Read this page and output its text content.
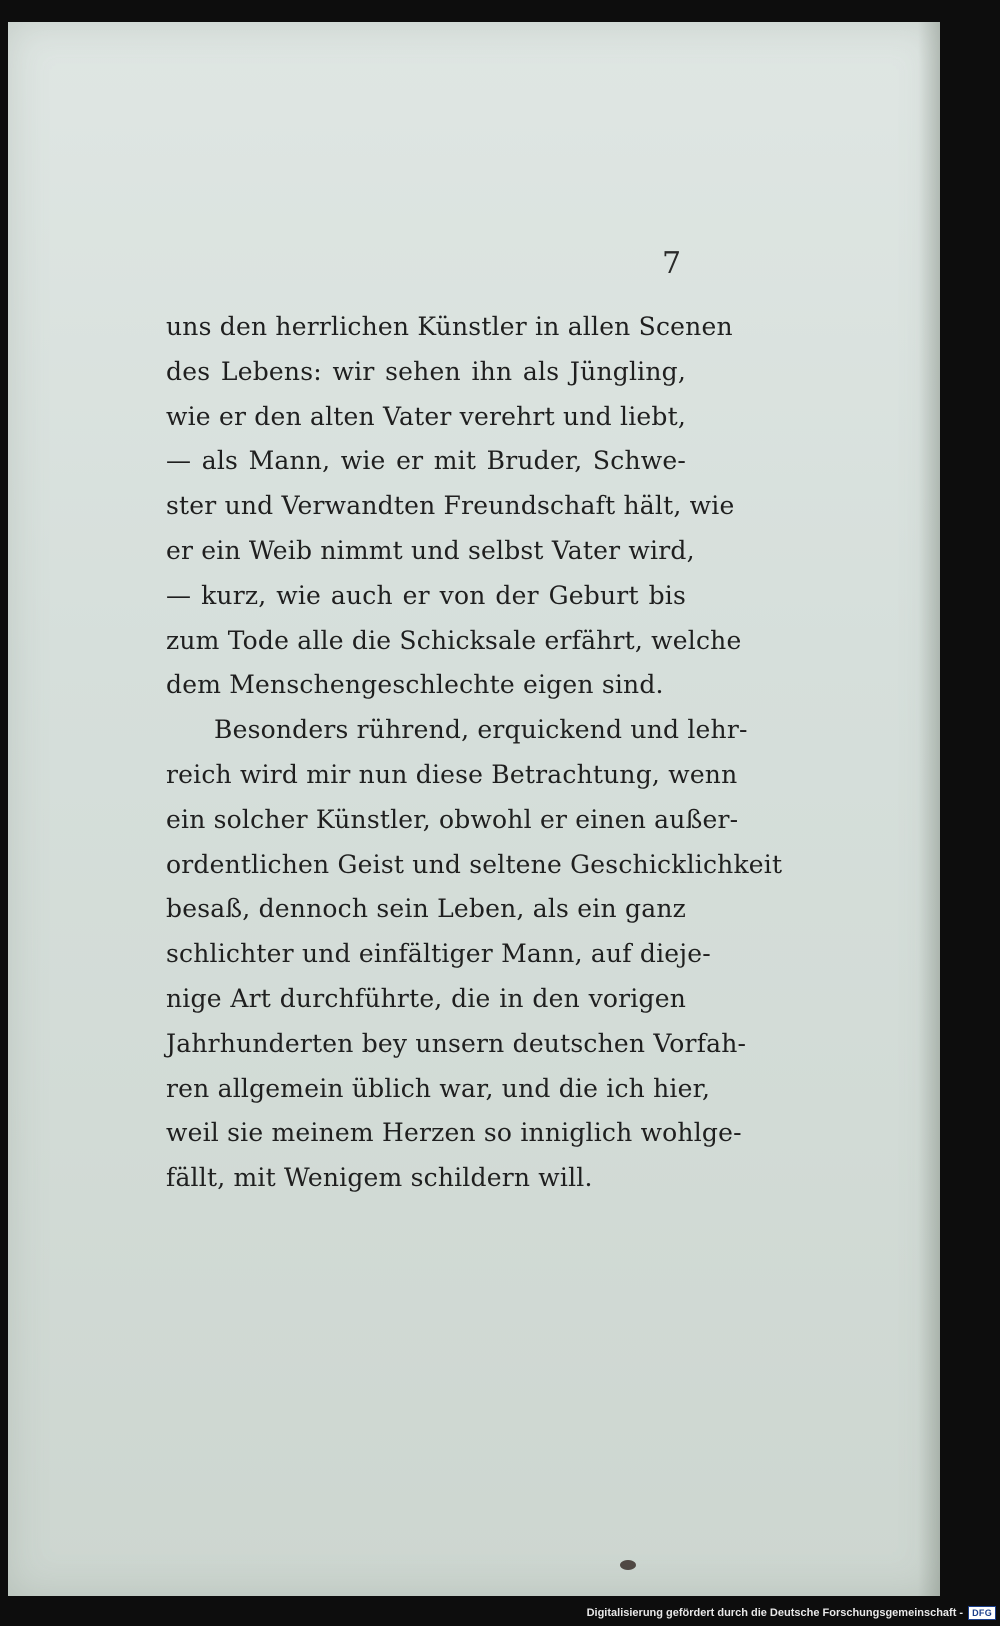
7
uns den herrlichen Künstler in allen Scenen
des Lebens: wir sehen ihn als Jüngling,
wie er den alten Vater verehrt und liebt,
— als Mann, wie er mit Bruder, Schwe-
ster und Verwandten Freundschaft hält, wie
er ein Weib nimmt und selbst Vater wird,
— kurz, wie auch er von der Geburt bis
zum Tode alle die Schicksale erfährt, welche
dem Menschengeschlechte eigen sind.
Besonders rührend, erquickend und lehr-
reich wird mir nun diese Betrachtung, wenn
ein solcher Künstler, obwohl er einen außer-
ordentlichen Geist und seltene Geschicklichkeit
besaß, dennoch sein Leben, als ein ganz
schlichter und einfältiger Mann, auf dieje-
nige Art durchführte, die in den vorigen
Jahrhunderten bey unsern deutschen Vorfah-
ren allgemein üblich war, und die ich hier,
weil sie meinem Herzen so inniglich wohlge-
fällt, mit Wenigem schildern will.
Digitalisierung gefördert durch die Deutsche Forschungsgemeinschaft -	DFG
